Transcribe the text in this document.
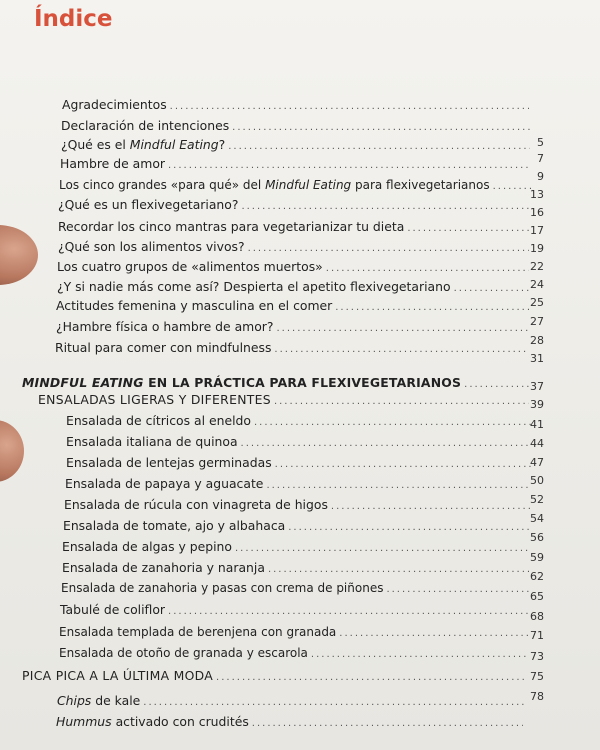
Índice
Agradecimientos
.....
Declaración de intenciones
.....
¿Qué es el Mindful Eating?
.....
Hambre de amor
.....
Los cinco grandes «para qué» del Mindful Eating para flexivegetarianos
.....
¿Qué es un flexivegetariano?
.....
Recordar los cinco mantras para vegetarianizar tu dieta
.....
¿Qué son los alimentos vivos?
.....
Los cuatro grupos de «alimentos muertos»
.....
¿Y si nadie más come así? Despierta el apetito flexivegetariano
.....
Actitudes femenina y masculina en el comer
.....
¿Hambre física o hambre de amor?
.....
Ritual para comer con mindfulness
.....
MINDFUL EATING EN LA PRÁCTICA PARA FLEXIVEGETARIANOS
.....
ENSALADAS LIGERAS Y DIFERENTES
.....
Ensalada de cítricos al eneldo
.....
Ensalada italiana de quinoa
.....
Ensalada de lentejas germinadas
.....
Ensalada de papaya y aguacate
.....
Ensalada de rúcula con vinagreta de higos
.....
Ensalada de tomate, ajo y albahaca
.....
Ensalada de algas y pepino
.....
Ensalada de zanahoria y naranja
.....
Ensalada de zanahoria y pasas con crema de piñones
.....
Tabulé de coliflor
.....
Ensalada templada de berenjena con granada
.....
Ensalada de otoño de granada y escarola
.....
PICA PICA A LA ÚLTIMA MODA
.....
Chips de kale
.....
Hummus activado con crudités
.....
5
7
9
13
16
17
19
22
24
25
27
28
31
37
39
41
44
47
50
52
54
56
59
62
65
68
71
73
75
78
